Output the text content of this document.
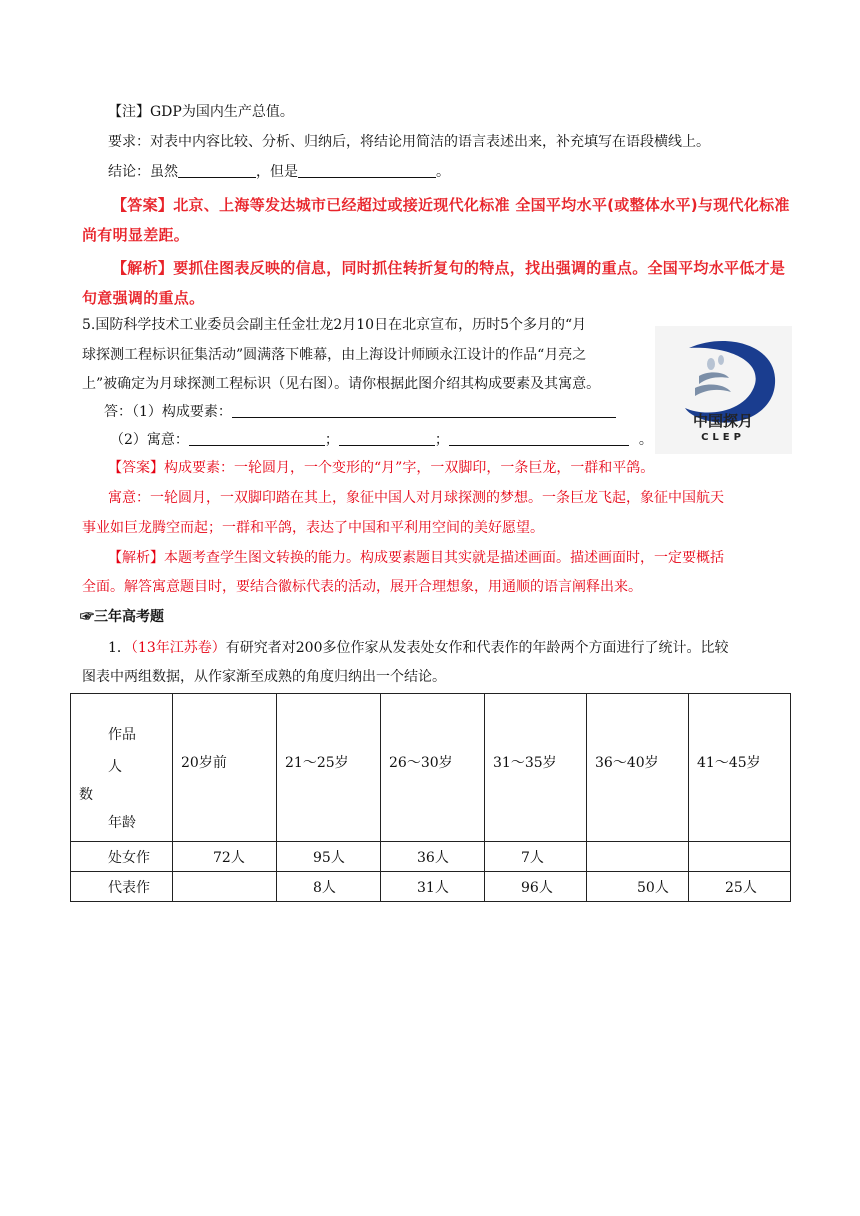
【注】GDP为国内生产总值。
要求：对表中内容比较、分析、归纳后，将结论用简洁的语言表述出来，补充填写在语段横线上。
结论：虽然	，但是	。
【答案】北京、上海等发达城市已经超过或接近现代化标准 全国平均水平(或整体水平)与现代化标准
尚有明显差距。
【解析】要抓住图表反映的信息，同时抓住转折复句的特点，找出强调的重点。全国平均水平低才是
句意强调的重点。
5.国防科学技术工业委员会副主任金壮龙2月10日在北京宣布，历时5个多月的“月
球探测工程标识征集活动”圆满落下帷幕，由上海设计师顾永江设计的作品“月亮之
上”被确定为月球探测工程标识（见右图）。请你根据此图介绍其构成要素及其寓意。
答：（1）构成要素：
（2）寓意：	；	；	。
中国探月
CLEP
【答案】构成要素：一轮圆月，一个变形的“月”字，一双脚印，一条巨龙，一群和平鸽。
寓意：一轮圆月，一双脚印踏在其上，象征中国人对月球探测的梦想。一条巨龙飞起，象征中国航天
事业如巨龙腾空而起；一群和平鸽，表达了中国和平利用空间的美好愿望。
【解析】本题考查学生图文转换的能力。构成要素题目其实就是描述画面。描述画面时，一定要概括
全面。解答寓意题目时，要结合徽标代表的活动，展开合理想象，用通顺的语言阐释出来。
☞三年高考题
1．（13年江苏卷）有研究者对200多位作家从发表处女作和代表作的年龄两个方面进行了统计。比较
图表中两组数据，从作家渐至成熟的角度归纳出一个结论。
作品
人
数
年龄	20岁前	21～25岁	26～30岁	31～35岁	36～40岁	41～45岁
处女作	72人	95人	36人	7人		
代表作		8人	31人	96人	50人	25人
